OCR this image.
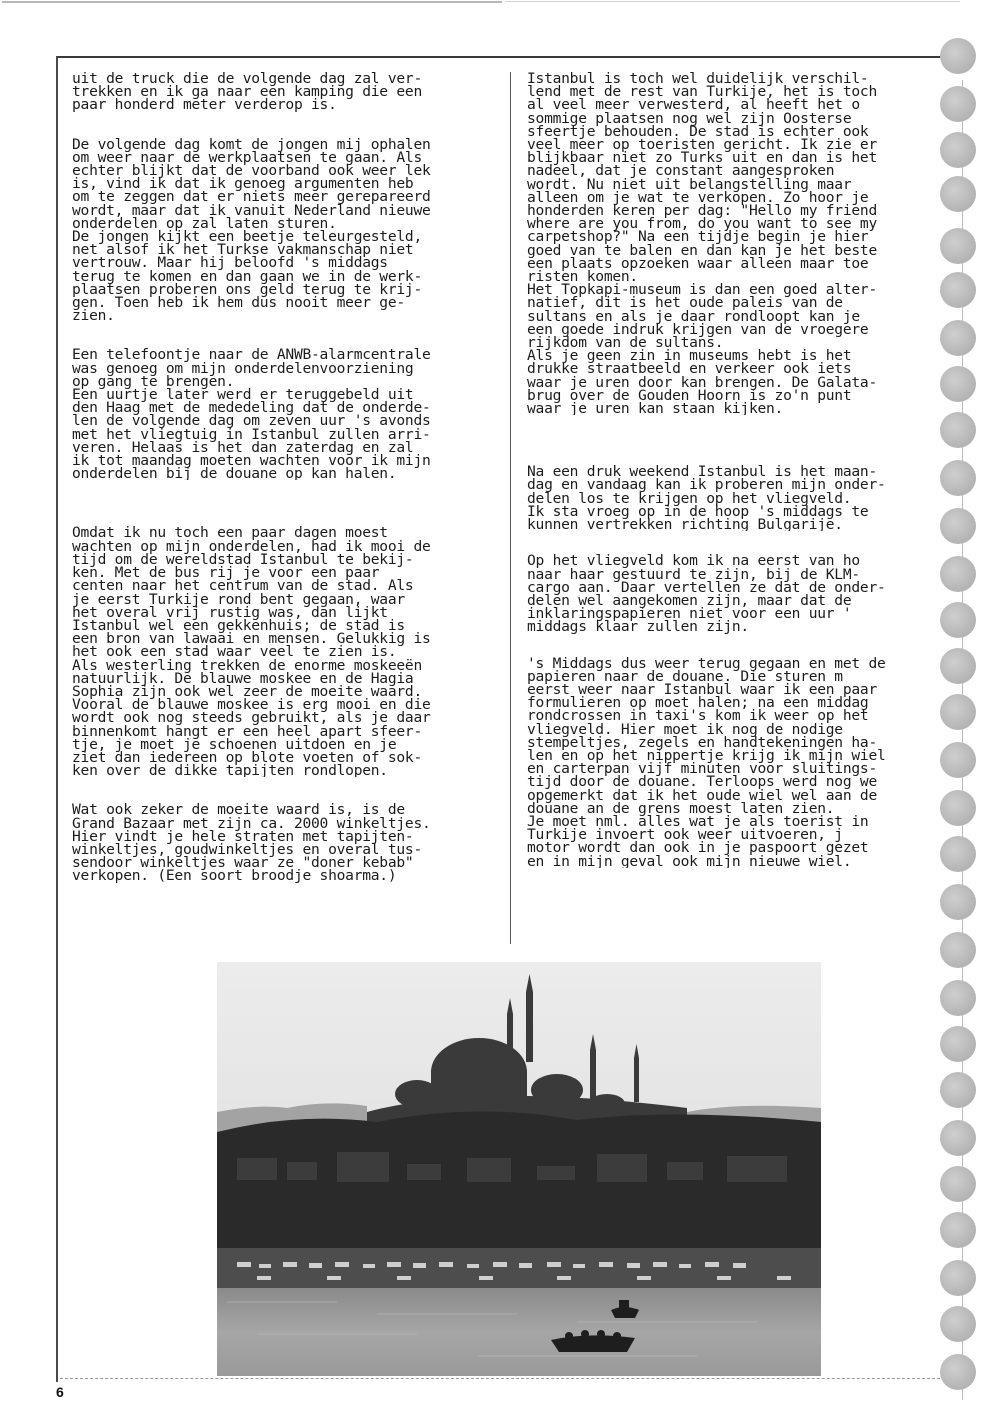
uit de truck die de volgende dag zal ver-
trekken en ik ga naar een kamping die een
paar honderd meter verderop is.

De volgende dag komt de jongen mij ophalen
om weer naar de werkplaatsen te gaan. Als
echter blijkt dat de voorband ook weer lek
is, vind ik dat ik genoeg argumenten heb
om te zeggen dat er niets meer gerepareerd
wordt, maar dat ik vanuit Nederland nieuwe
onderdelen op zal laten sturen.
De jongen kijkt een beetje teleurgesteld,
net alsof ik het Turkse vakmanschap niet
vertrouw. Maar hij beloofd 's middags
terug te komen en dan gaan we in de werk-
plaatsen proberen ons geld terug te krij-
gen. Toen heb ik hem dus nooit meer ge-
zien.

Een telefoontje naar de ANWB-alarmcentrale
was genoeg om mijn onderdelenvoorziening
op gang te brengen.
Een uurtje later werd er teruggebeld uit
den Haag met de mededeling dat de onderde-
len de volgende dag om zeven uur 's avonds
met het vliegtuig in Istanbul zullen arri-
veren. Helaas is het dan zaterdag en zal
ik tot maandag moeten wachten voor ik mijn
onderdelen bij de douane op kan halen.

Omdat ik nu toch een paar dagen moest
wachten op mijn onderdelen, had ik mooi de
tijd om de wereldstad Istanbul te bekij-
ken. Met de bus rij je voor een paar
centen naar het centrum van de stad. Als
je eerst Turkije rond bent gegaan, waar
het overal vrij rustig was, dan lijkt
Istanbul wel een gekkenhuis; de stad is
een bron van lawaai en mensen. Gelukkig is
het ook een stad waar veel te zien is.
Als westerling trekken de enorme moskeeën
natuurlijk. De blauwe moskee en de Hagia
Sophia zijn ook wel zeer de moeite waard.
Vooral de blauwe moskee is erg mooi en die
wordt ook nog steeds gebruikt, als je daar
binnenkomt hangt er een heel apart sfeer-
tje, je moet je schoenen uitdoen en je
ziet dan iedereen op blote voeten of sok-
ken over de dikke tapijten rondlopen.

Wat ook zeker de moeite waard is, is de
Grand Bazaar met zijn ca. 2000 winkeltjes.
Hier vindt je hele straten met tapijten-
winkeltjes, goudwinkeltjes en overal tus-
sendoor winkeltjes waar ze "doner kebab"
verkopen. (Een soort broodje shoarma.)

Istanbul is toch wel duidelijk verschil-
lend met de rest van Turkije, het is toch
al veel meer verwesterd, al heeft het o
sommige plaatsen nog wel zijn Oosterse
sfeertje behouden. De stad is echter ook
veel meer op toeristen gericht. Ik zie er
blijkbaar niet zo Turks uit en dan is het
nadeel, dat je constant aangesproken
wordt. Nu niet uit belangstelling maar
alleen om je wat te verkopen. Zo hoor je
honderden keren per dag: "Hello my friend
where are you from, do you want to see my
carpetshop?" Na een tijdje begin je hier
goed van te balen en dan kan je het beste
een plaats opzoeken waar alleen maar toe
risten komen.
Het Topkapi-museum is dan een goed alter-
natief, dit is het oude paleis van de
sultans en als je daar rondloopt kan je
een goede indruk krijgen van de vroegere
rijkdom van de sultans.
Als je geen zin in museums hebt is het
drukke straatbeeld en verkeer ook iets
waar je uren door kan brengen. De Galata-
brug over de Gouden Hoorn is zo'n punt
waar je uren kan staan kijken.

Na een druk weekend Istanbul is het maan-
dag en vandaag kan ik proberen mijn onder-
delen los te krijgen op het vliegveld.
Ik sta vroeg op in de hoop 's middags te
kunnen vertrekken richting Bulgarije.

Op het vliegveld kom ik na eerst van ho
naar haar gestuurd te zijn, bij de KLM-
cargo aan. Daar vertellen ze dat de onder-
delen wel aangekomen zijn, maar dat de
inklaringspapieren niet voor een uur '
middags klaar zullen zijn.

's Middags dus weer terug gegaan en met de
papieren naar de douane. Die sturen m
eerst weer naar Istanbul waar ik een paar
formulieren op moet halen; na een middag
rondcrossen in taxi's kom ik weer op het
vliegveld. Hier moet ik nog de nodige
stempeltjes, zegels en handtekeningen ha-
len en op het nippertje krijg ik mijn wiel
en carterpan vijf minuten voor sluitings-
tijd door de douane. Terloops werd nog we
opgemerkt dat ik het oude wiel wel aan de
douane an de grens moest laten zien.
Je moet nml. alles wat je als toerist in
Turkije invoert ook weer uitvoeren, j
motor wordt dan ook in je paspoort gezet
en in mijn geval ook mijn nieuwe wiel.

6
